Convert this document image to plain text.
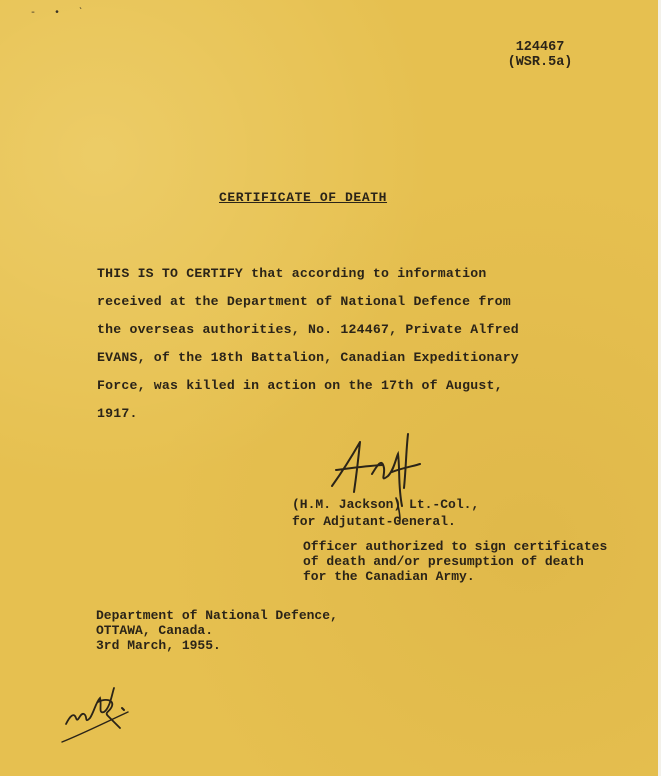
- • ˋ
124467
(WSR.5a)
CERTIFICATE OF DEATH
THIS IS TO CERTIFY that according to information
received at the Department of National Defence from
the overseas authorities, No. 124467, Private Alfred
EVANS, of the 18th Battalion, Canadian Expeditionary
Force, was killed in action on the 17th of August,
1917.
(H.M. Jackson) Lt.-Col.,
for Adjutant-General.
Officer authorized to sign certificates
of death and/or presumption of death
for the Canadian Army.
Department of National Defence,
OTTAWA, Canada.
3rd March, 1955.
